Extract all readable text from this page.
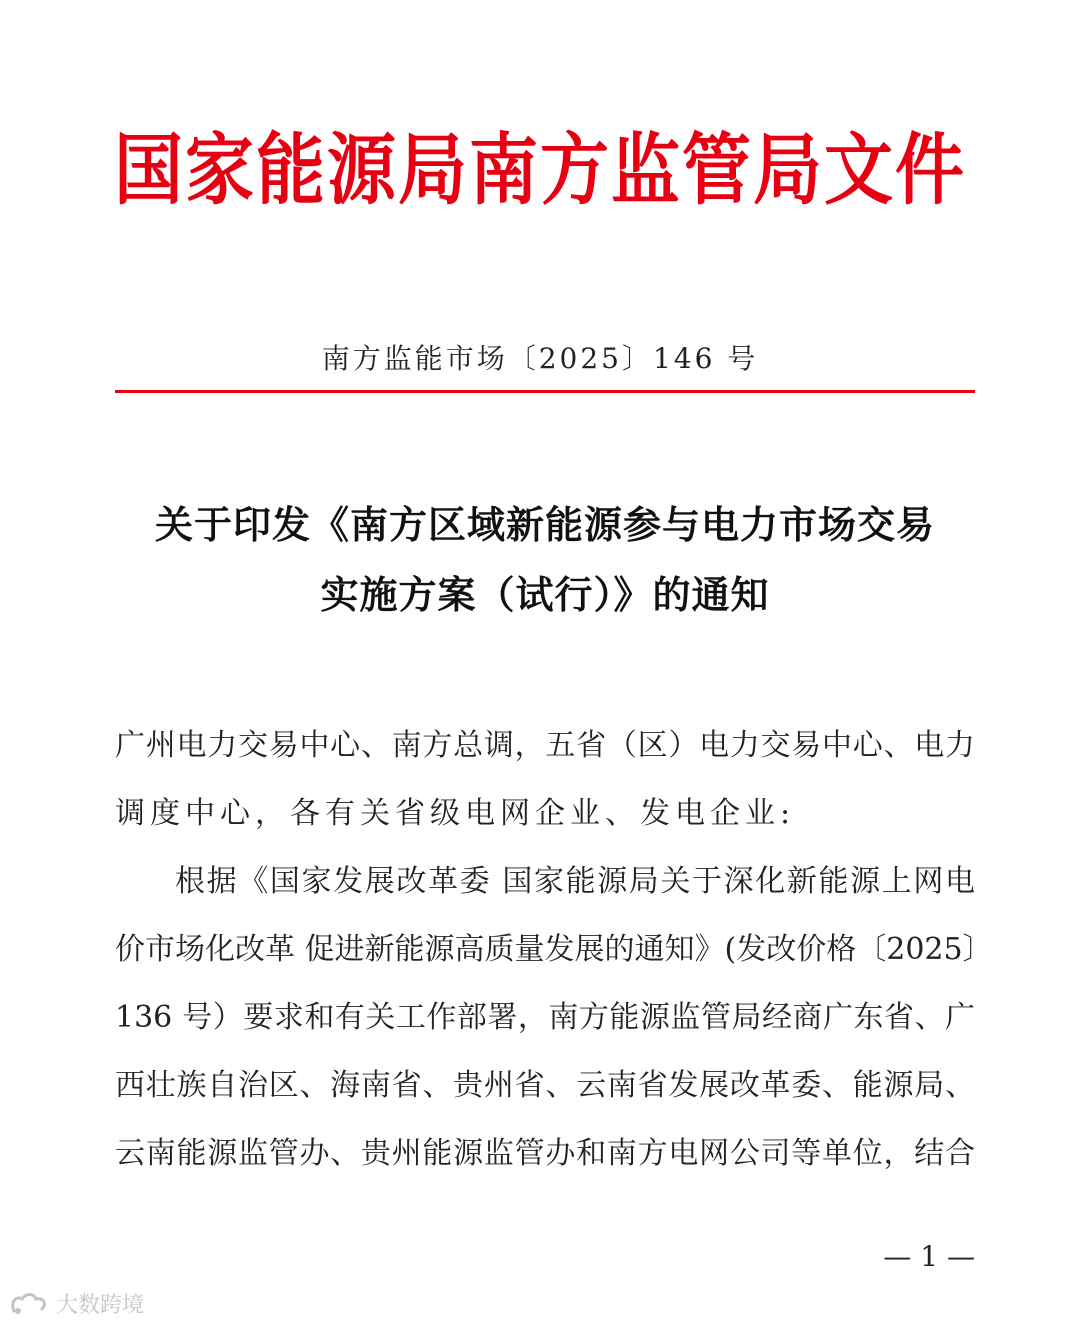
国家能源局南方监管局文件
南方监能市场〔2025〕146 号
关于印发《南方区域新能源参与电力市场交易
实施方案（试行）》的通知
广州电力交易中心、南方总调，五省（区）电力交易中心、电力
调度中心，各有关省级电网企业、发电企业:
根据《国家发展改革委 国家能源局关于深化新能源上网电
价市场化改革 促进新能源高质量发展的通知》(发改价格〔2025〕
136 号）要求和有关工作部署，南方能源监管局经商广东省、广
西壮族自治区、海南省、贵州省、云南省发展改革委、能源局、
云南能源监管办、贵州能源监管办和南方电网公司等单位，结合
— 1 —
大数跨境
